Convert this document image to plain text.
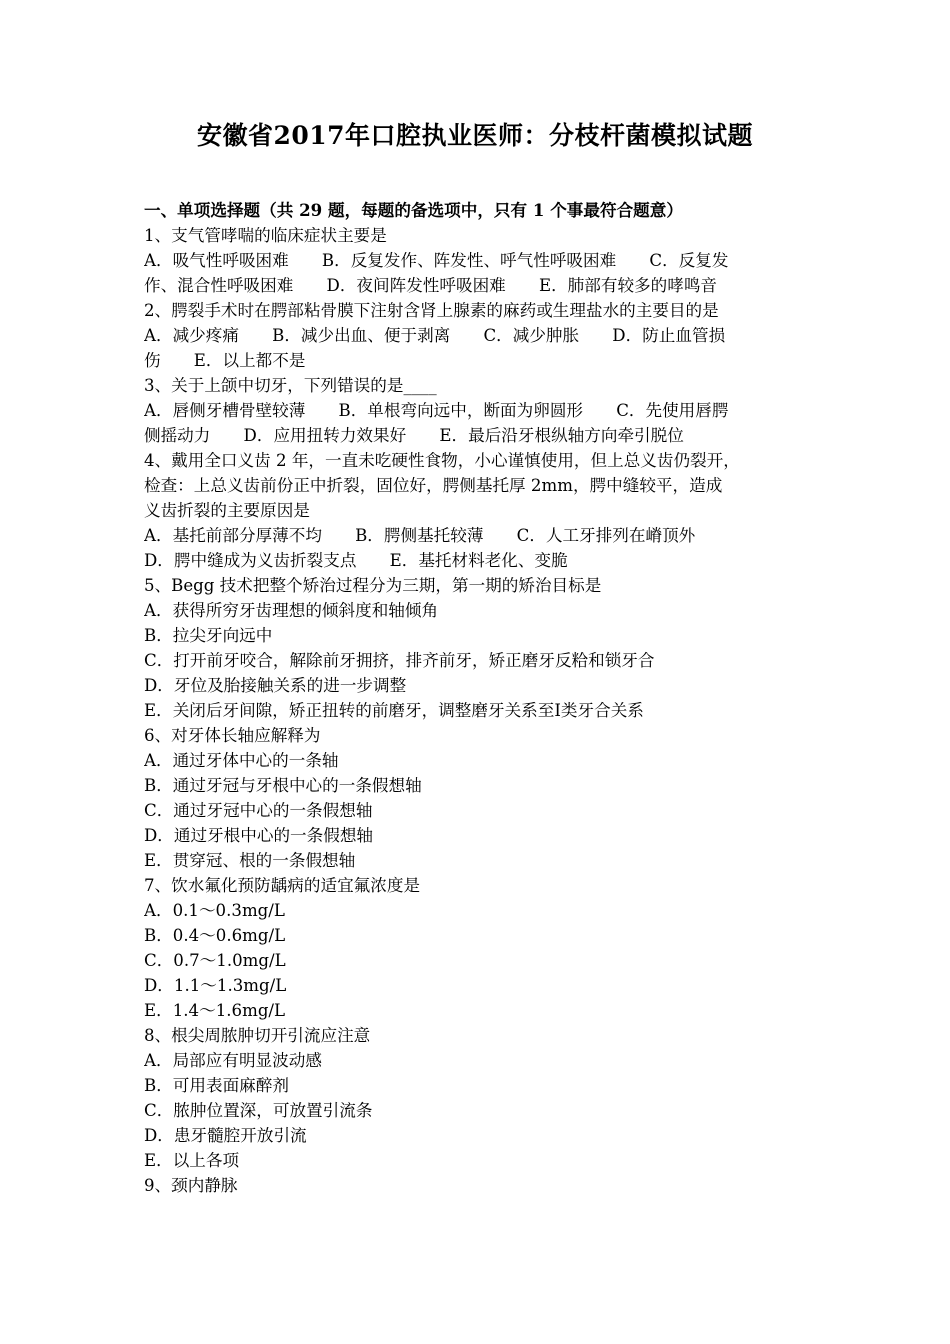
安徽省2017年口腔执业医师：分枝杆菌模拟试题
一、单项选择题（共 29 题，每题的备选项中，只有 1 个事最符合题意）
1、支气管哮喘的临床症状主要是
A．吸气性呼吸困难　　B．反复发作、阵发性、呼气性呼吸困难　　C．反复发
作、混合性呼吸困难　　D．夜间阵发性呼吸困难　　E．肺部有较多的哮鸣音
2、腭裂手术时在腭部粘骨膜下注射含肾上腺素的麻药或生理盐水的主要目的是
A．减少疼痛　　B．减少出血、便于剥离　　C．减少肿胀　　D．防止血管损
伤　　E．以上都不是
3、关于上颌中切牙，下列错误的是____
A．唇侧牙槽骨壁较薄　　B．单根弯向远中，断面为卵圆形　　C．先使用唇腭
侧摇动力　　D．应用扭转力效果好　　E．最后沿牙根纵轴方向牵引脱位
4、戴用全口义齿 2 年，一直未吃硬性食物，小心谨慎使用，但上总义齿仍裂开，
检查：上总义齿前份正中折裂，固位好，腭侧基托厚 2mm，腭中缝较平，造成
义齿折裂的主要原因是
A．基托前部分厚薄不均　　B．腭侧基托较薄　　C．人工牙排列在嵴顶外
D．腭中缝成为义齿折裂支点　　E．基托材料老化、变脆
5、Begg 技术把整个矫治过程分为三期，第一期的矫治目标是
A．获得所穷牙齿理想的倾斜度和轴倾角
B．拉尖牙向远中
C．打开前牙咬合，解除前牙拥挤，排齐前牙，矫正磨牙反粭和锁牙合
D．牙位及胎接触关系的进一步调整
E．关闭后牙间隙，矫正扭转的前磨牙，调整磨牙关系至Ⅰ类牙合关系
6、对牙体长轴应解释为
A．通过牙体中心的一条轴
B．通过牙冠与牙根中心的一条假想轴
C．通过牙冠中心的一条假想轴
D．通过牙根中心的一条假想轴
E．贯穿冠、根的一条假想轴
7、饮水氟化预防龋病的适宜氟浓度是
A．0.1～0.3mg/L
B．0.4～0.6mg/L
C．0.7～1.0mg/L
D．1.1～1.3mg/L
E．1.4～1.6mg/L
8、根尖周脓肿切开引流应注意
A．局部应有明显波动感
B．可用表面麻醉剂
C．脓肿位置深，可放置引流条
D．患牙髓腔开放引流
E．以上各项
9、颈内静脉
